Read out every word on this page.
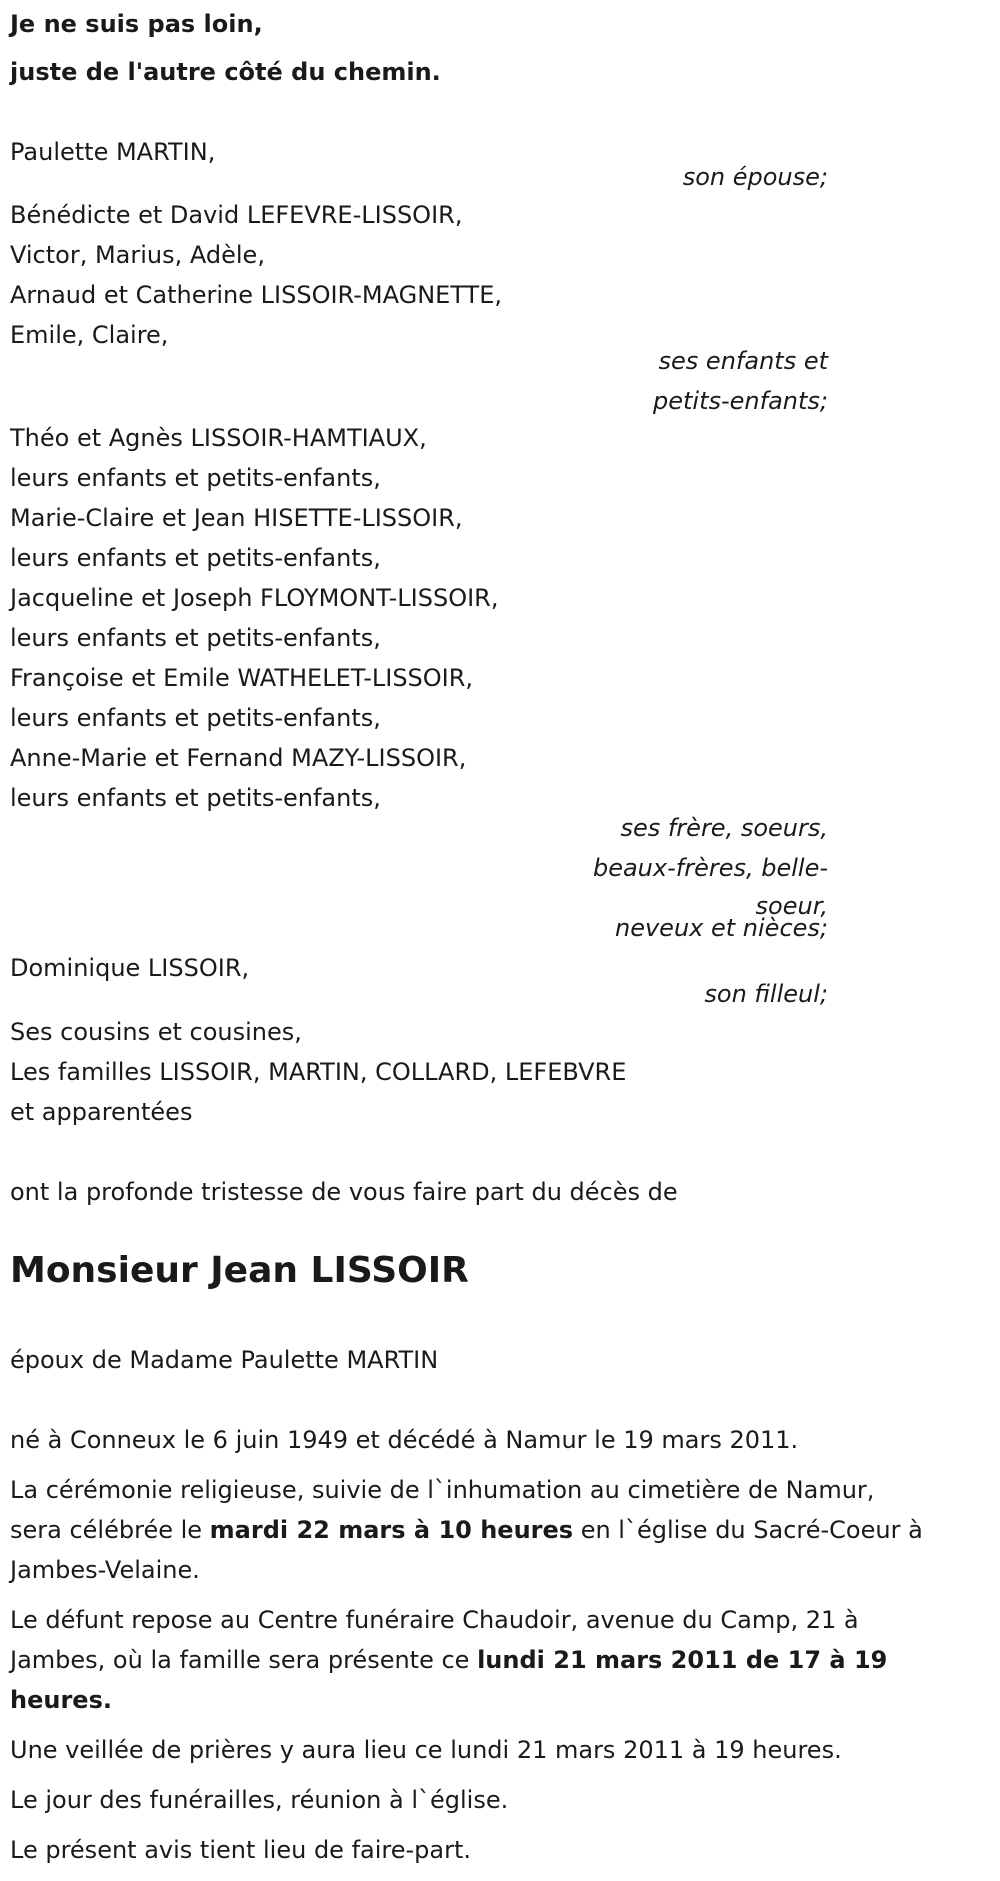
Je ne suis pas loin,
juste de l'autre côté du chemin.
Paulette MARTIN,
son épouse;
Bénédicte et David LEFEVRE-LISSOIR,
Victor, Marius, Adèle,
Arnaud et Catherine LISSOIR-MAGNETTE,
Emile, Claire,
ses enfants et
petits-enfants;
Théo et Agnès LISSOIR-HAMTIAUX,
leurs enfants et petits-enfants,
Marie-Claire et Jean HISETTE-LISSOIR,
leurs enfants et petits-enfants,
Jacqueline et Joseph FLOYMONT-LISSOIR,
leurs enfants et petits-enfants,
Françoise et Emile WATHELET-LISSOIR,
leurs enfants et petits-enfants,
Anne-Marie et Fernand MAZY-LISSOIR,
leurs enfants et petits-enfants,
ses frère, soeurs,
beaux-frères, belle-
soeur,
neveux et nièces;
Dominique LISSOIR,
son filleul;
Ses cousins et cousines,
Les familles LISSOIR, MARTIN, COLLARD, LEFEBVRE
et apparentées
ont la profonde tristesse de vous faire part du décès de
Monsieur Jean LISSOIR
époux de Madame Paulette MARTIN
né à Conneux le 6 juin 1949 et décédé à Namur le 19 mars 2011.
La cérémonie religieuse, suivie de l`inhumation au cimetière de Namur,
sera célébrée le mardi 22 mars à 10 heures en l`église du Sacré-Coeur à
Jambes-Velaine.
Le défunt repose au Centre funéraire Chaudoir, avenue du Camp, 21 à
Jambes, où la famille sera présente ce lundi 21 mars 2011 de 17 à 19
heures.
Une veillée de prières y aura lieu ce lundi 21 mars 2011 à 19 heures.
Le jour des funérailles, réunion à l`église.
Le présent avis tient lieu de faire-part.
